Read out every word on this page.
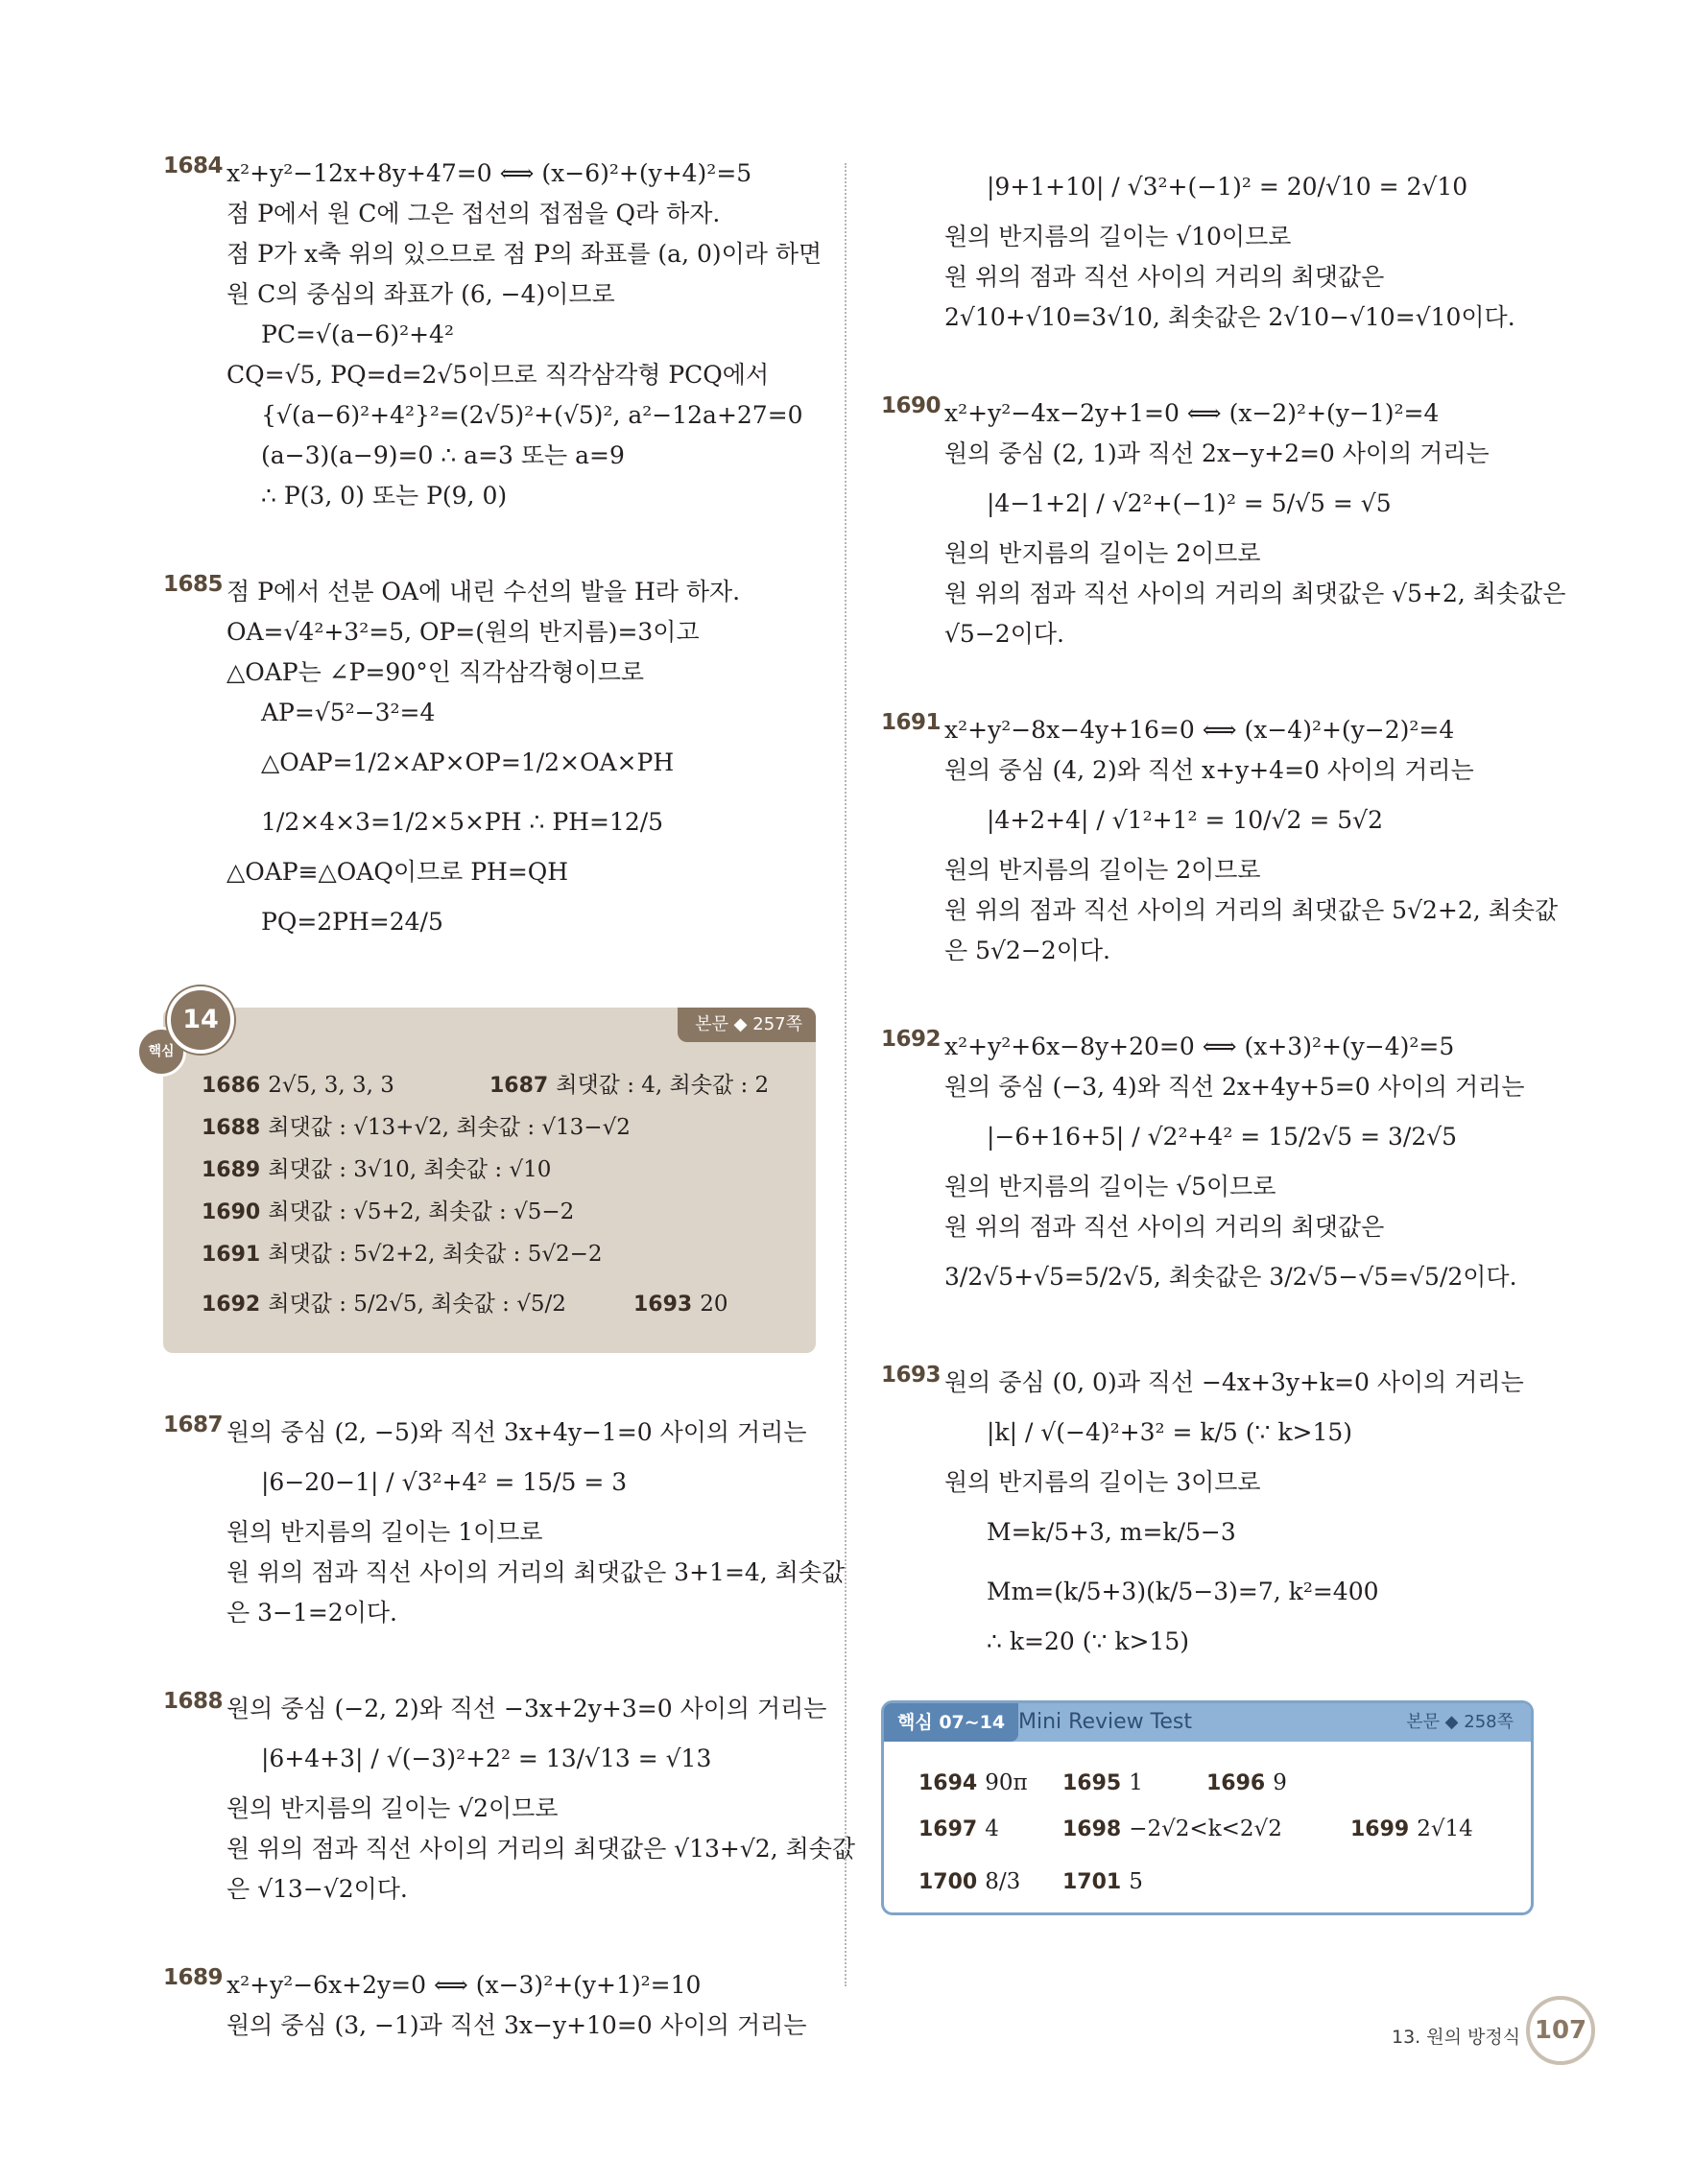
1684 x²+y²−12x+8y+47=0 ⟺ (x−6)²+(y+4)²=5
점 P에서 원 C에 그은 접선의 접점을 Q라 하자.
점 P가 x축 위의 있으므로 점 P의 좌표를 (a, 0)이라 하면
원 C의 중심의 좌표가 (6, −4)이므로
PC=√(a−6)²+4²
CQ=√5, PQ=d=2√5이므로 직각삼각형 PCQ에서
{√(a−6)²+4²}²=(2√5)²+(√5)², a²−12a+27=0
(a−3)(a−9)=0 ∴ a=3 또는 a=9
∴ P(3, 0) 또는 P(9, 0)
1685 점 P에서 선분 OA에 내린 수선의 발을 H라 하자.
OA=√4²+3²=5, OP=(원의 반지름)=3이고
△OAP는 ∠P=90°인 직각삼각형이므로
AP=√5²−3²=4
△OAP=1/2×AP×OP=1/2×OA×PH
1/2×4×3=1/2×5×PH ∴ PH=12/5
△OAP≡△OAQ이므로 PH=QH
PQ=2PH=24/5
핵심
14	본문 ◆ 257쪽
1686 2√5, 3, 3, 3	1687 최댓값 : 4, 최솟값 : 2
1688 최댓값 : √13+√2, 최솟값 : √13−√2
1689 최댓값 : 3√10, 최솟값 : √10
1690 최댓값 : √5+2, 최솟값 : √5−2
1691 최댓값 : 5√2+2, 최솟값 : 5√2−2
1692 최댓값 : 5/2√5, 최솟값 : √5/2	1693 20
1687 원의 중심 (2, −5)와 직선 3x+4y−1=0 사이의 거리는
|6−20−1| / √3²+4² = 15/5 = 3
원의 반지름의 길이는 1이므로
원 위의 점과 직선 사이의 거리의 최댓값은 3+1=4, 최솟값
은 3−1=2이다.
1688 원의 중심 (−2, 2)와 직선 −3x+2y+3=0 사이의 거리는
|6+4+3| / √(−3)²+2² = 13/√13 = √13
원의 반지름의 길이는 √2이므로
원 위의 점과 직선 사이의 거리의 최댓값은 √13+√2, 최솟값
은 √13−√2이다.
1689 x²+y²−6x+2y=0 ⟺ (x−3)²+(y+1)²=10
원의 중심 (3, −1)과 직선 3x−y+10=0 사이의 거리는
|9+1+10| / √3²+(−1)² = 20/√10 = 2√10
원의 반지름의 길이는 √10이므로
원 위의 점과 직선 사이의 거리의 최댓값은
2√10+√10=3√10, 최솟값은 2√10−√10=√10이다.
1690 x²+y²−4x−2y+1=0 ⟺ (x−2)²+(y−1)²=4
원의 중심 (2, 1)과 직선 2x−y+2=0 사이의 거리는
|4−1+2| / √2²+(−1)² = 5/√5 = √5
원의 반지름의 길이는 2이므로
원 위의 점과 직선 사이의 거리의 최댓값은 √5+2, 최솟값은
√5−2이다.
1691 x²+y²−8x−4y+16=0 ⟺ (x−4)²+(y−2)²=4
원의 중심 (4, 2)와 직선 x+y+4=0 사이의 거리는
|4+2+4| / √1²+1² = 10/√2 = 5√2
원의 반지름의 길이는 2이므로
원 위의 점과 직선 사이의 거리의 최댓값은 5√2+2, 최솟값
은 5√2−2이다.
1692 x²+y²+6x−8y+20=0 ⟺ (x+3)²+(y−4)²=5
원의 중심 (−3, 4)와 직선 2x+4y+5=0 사이의 거리는
|−6+16+5| / √2²+4² = 15/2√5 = 3/2√5
원의 반지름의 길이는 √5이므로
원 위의 점과 직선 사이의 거리의 최댓값은
3/2√5+√5=5/2√5, 최솟값은 3/2√5−√5=√5/2이다.
1693 원의 중심 (0, 0)과 직선 −4x+3y+k=0 사이의 거리는
|k| / √(−4)²+3² = k/5 (∵ k>15)
원의 반지름의 길이는 3이므로
M=k/5+3, m=k/5−3
Mm=(k/5+3)(k/5−3)=7, k²=400
∴ k=20 (∵ k>15)
핵심 07~14 Mini Review Test	본문 ◆ 258쪽
1694 90π 1695 1	1696 9
1697 4	1698 −2√2<k<2√2	1699 2√14
1700 8/3 1701 5
13. 원의 방정식 107
